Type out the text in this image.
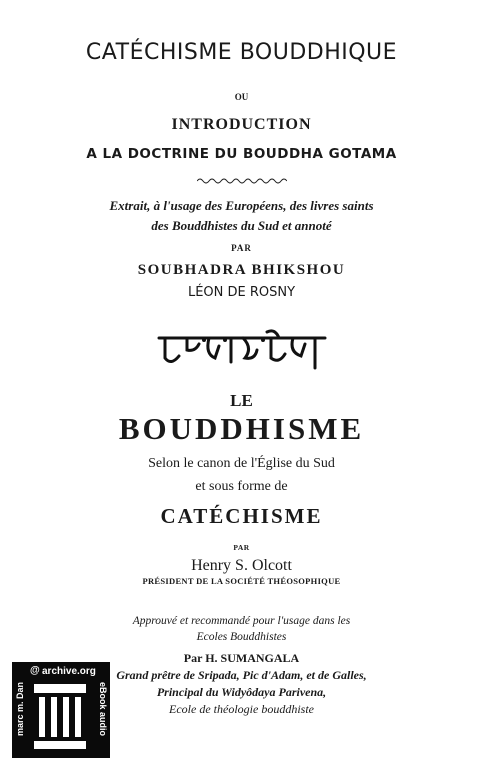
CATÉCHISME BOUDDHIQUE
OU
INTRODUCTION
A LA DOCTRINE DU BOUDDHA GOTAMA
Extrait, à l'usage des Européens, des livres saints
des Bouddhistes du Sud et annoté
PAR
SOUBHADRA BHIKSHOU
LÉON DE ROSNY
LE
BOUDDHISME
Selon le canon de l'Église du Sud
et sous forme de
CATÉCHISME
PAR
Henry S. Olcott
PRÉSIDENT DE LA SOCIÉTÉ THÉOSOPHIQUE
Approuvé et recommandé pour l'usage dans les
Ecoles Bouddhistes
Par H. SUMANGALA
Grand prêtre de Sripada, Pic d'Adam, et de Galles,
Principal du Widyôdaya Parivena,
Ecole de théologie bouddhiste
@ archive.org
marc m. Dan	eBook audio
